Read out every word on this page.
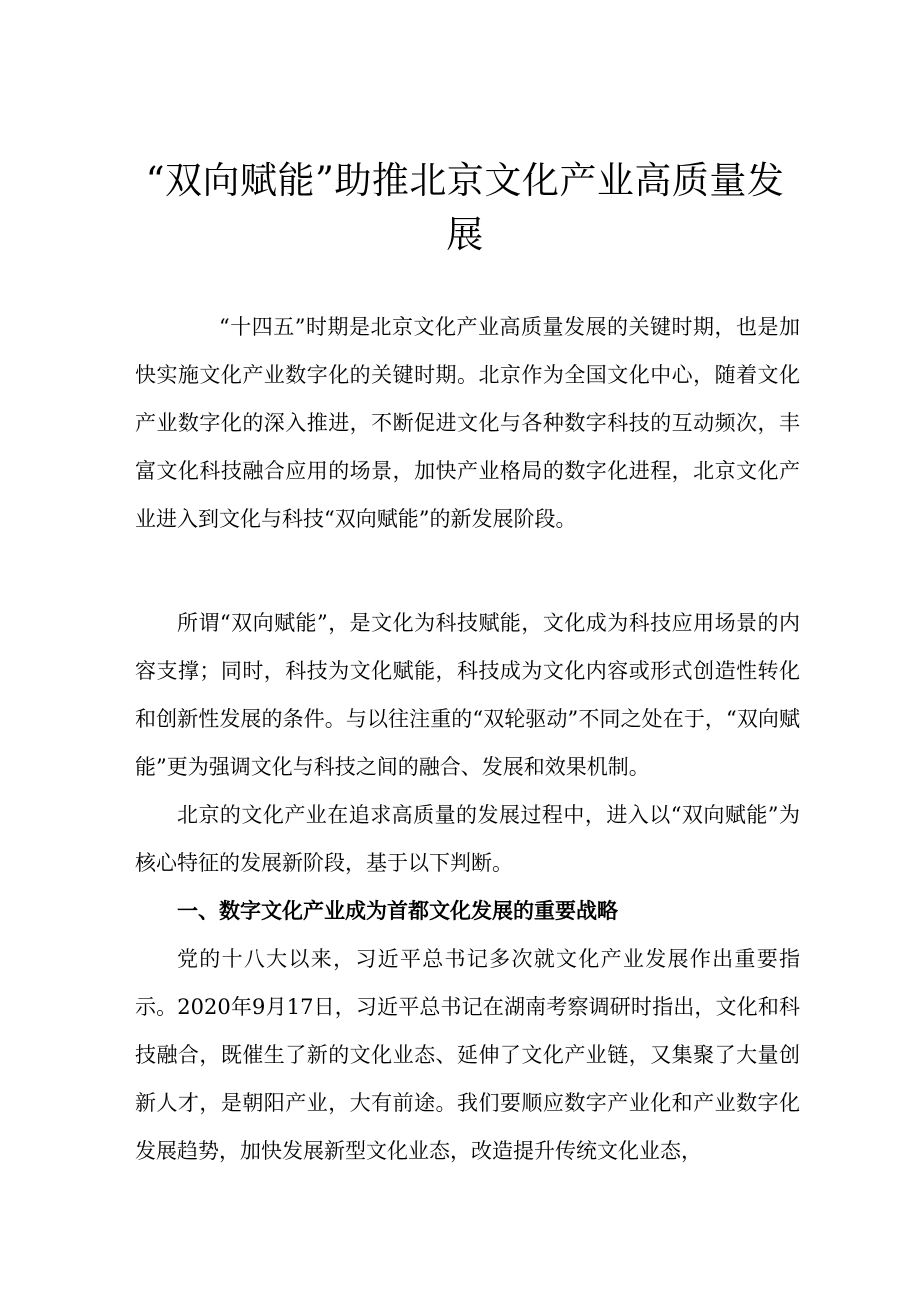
“双向赋能”助推北京文化产业高质量发展

“十四五”时期是北京文化产业高质量发展的关键时期，也是加快实施文化产业数字化的关键时期。北京作为全国文化中心，随着文化产业数字化的深入推进，不断促进文化与各种数字科技的互动频次，丰富文化科技融合应用的场景，加快产业格局的数字化进程，北京文化产业进入到文化与科技“双向赋能”的新发展阶段。

所谓“双向赋能”，是文化为科技赋能，文化成为科技应用场景的内容支撑；同时，科技为文化赋能，科技成为文化内容或形式创造性转化和创新性发展的条件。与以往注重的“双轮驱动”不同之处在于，“双向赋能”更为强调文化与科技之间的融合、发展和效果机制。

北京的文化产业在追求高质量的发展过程中，进入以“双向赋能”为核心特征的发展新阶段，基于以下判断。

一、数字文化产业成为首都文化发展的重要战略

党的十八大以来，习近平总书记多次就文化产业发展作出重要指示。2020年9月17日，习近平总书记在湖南考察调研时指出，文化和科技融合，既催生了新的文化业态、延伸了文化产业链，又集聚了大量创新人才，是朝阳产业，大有前途。我们要顺应数字产业化和产业数字化发展趋势，加快发展新型文化业态，改造提升传统文化业态，
